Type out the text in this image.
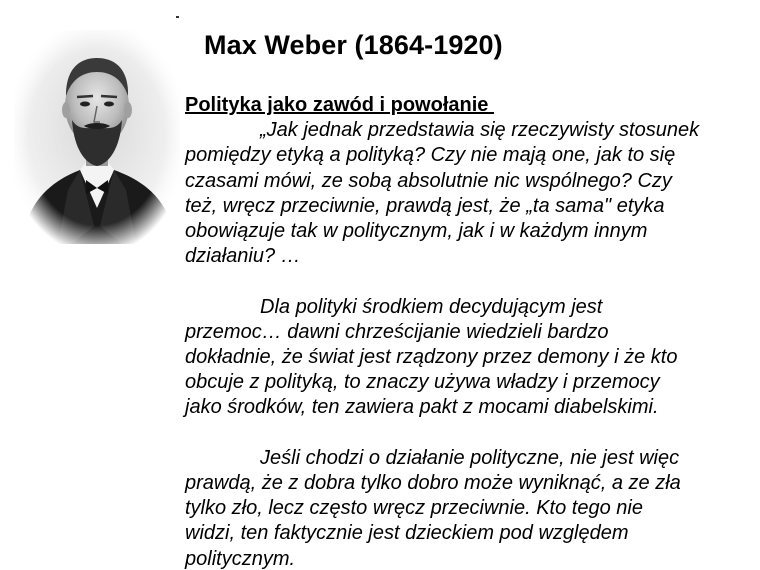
Max Weber (1864-1920)
Polityka jako zawód i powołanie
„Jak jednak przedstawia się rzeczywisty stosunek
pomiędzy etyką a polityką? Czy nie mają one, jak to się
czasami mówi, ze sobą absolutnie nic wspólnego? Czy
też, wręcz przeciwnie, prawdą jest, że „ta sama" etyka
obowiązuje tak w politycznym, jak i w każdym innym
działaniu? …
Dla polityki środkiem decydującym jest
przemoc… dawni chrześcijanie wiedzieli bardzo
dokładnie, że świat jest rządzony przez demony i że kto
obcuje z polityką, to znaczy używa władzy i przemocy
jako środków, ten zawiera pakt z mocami diabelskimi.
Jeśli chodzi o działanie polityczne, nie jest więc
prawdą, że z dobra tylko dobro może wyniknąć, a ze zła
tylko zło, lecz często wręcz przeciwnie. Kto tego nie
widzi, ten faktycznie jest dzieckiem pod względem
politycznym.
